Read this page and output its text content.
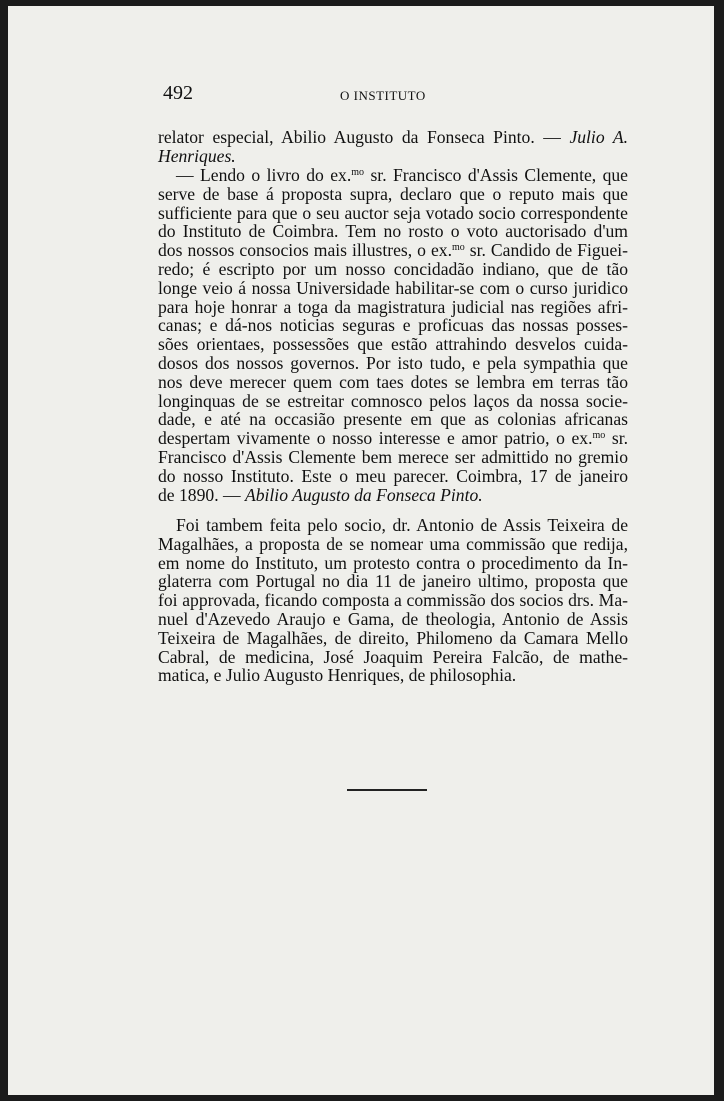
492	O INSTITUTO
relator especial, Abilio Augusto da Fonseca Pinto. — Julio A.
Henriques.
— Lendo o livro do ex.$^{mo}$ sr. Francisco d'Assis Clemente, que
serve de base á proposta supra, declaro que o reputo mais que
sufficiente para que o seu auctor seja votado socio correspondente
do Instituto de Coimbra. Tem no rosto o voto auctorisado d'um
dos nossos consocios mais illustres, o ex.$^{mo}$ sr. Candido de Figuei-
redo; é escripto por um nosso concidadão indiano, que de tão
longe veio á nossa Universidade habilitar-se com o curso juridico
para hoje honrar a toga da magistratura judicial nas regiões afri-
canas; e dá-nos noticias seguras e proficuas das nossas posses-
sões orientaes, possessões que estão attrahindo desvelos cuida-
dosos dos nossos governos. Por isto tudo, e pela sympathia que
nos deve merecer quem com taes dotes se lembra em terras tão
longinquas de se estreitar comnosco pelos laços da nossa socie-
dade, e até na occasião presente em que as colonias africanas
despertam vivamente o nosso interesse e amor patrio, o ex.$^{mo}$ sr.
Francisco d'Assis Clemente bem merece ser admittido no gremio
do nosso Instituto. Este o meu parecer. Coimbra, 17 de janeiro
de 1890. — Abilio Augusto da Fonseca Pinto.
Foi tambem feita pelo socio, dr. Antonio de Assis Teixeira de
Magalhães, a proposta de se nomear uma commissão que redija,
em nome do Instituto, um protesto contra o procedimento da In-
glaterra com Portugal no dia 11 de janeiro ultimo, proposta que
foi approvada, ficando composta a commissão dos socios drs. Ma-
nuel d'Azevedo Araujo e Gama, de theologia, Antonio de Assis
Teixeira de Magalhães, de direito, Philomeno da Camara Mello
Cabral, de medicina, José Joaquim Pereira Falcão, de mathe-
matica, e Julio Augusto Henriques, de philosophia.
